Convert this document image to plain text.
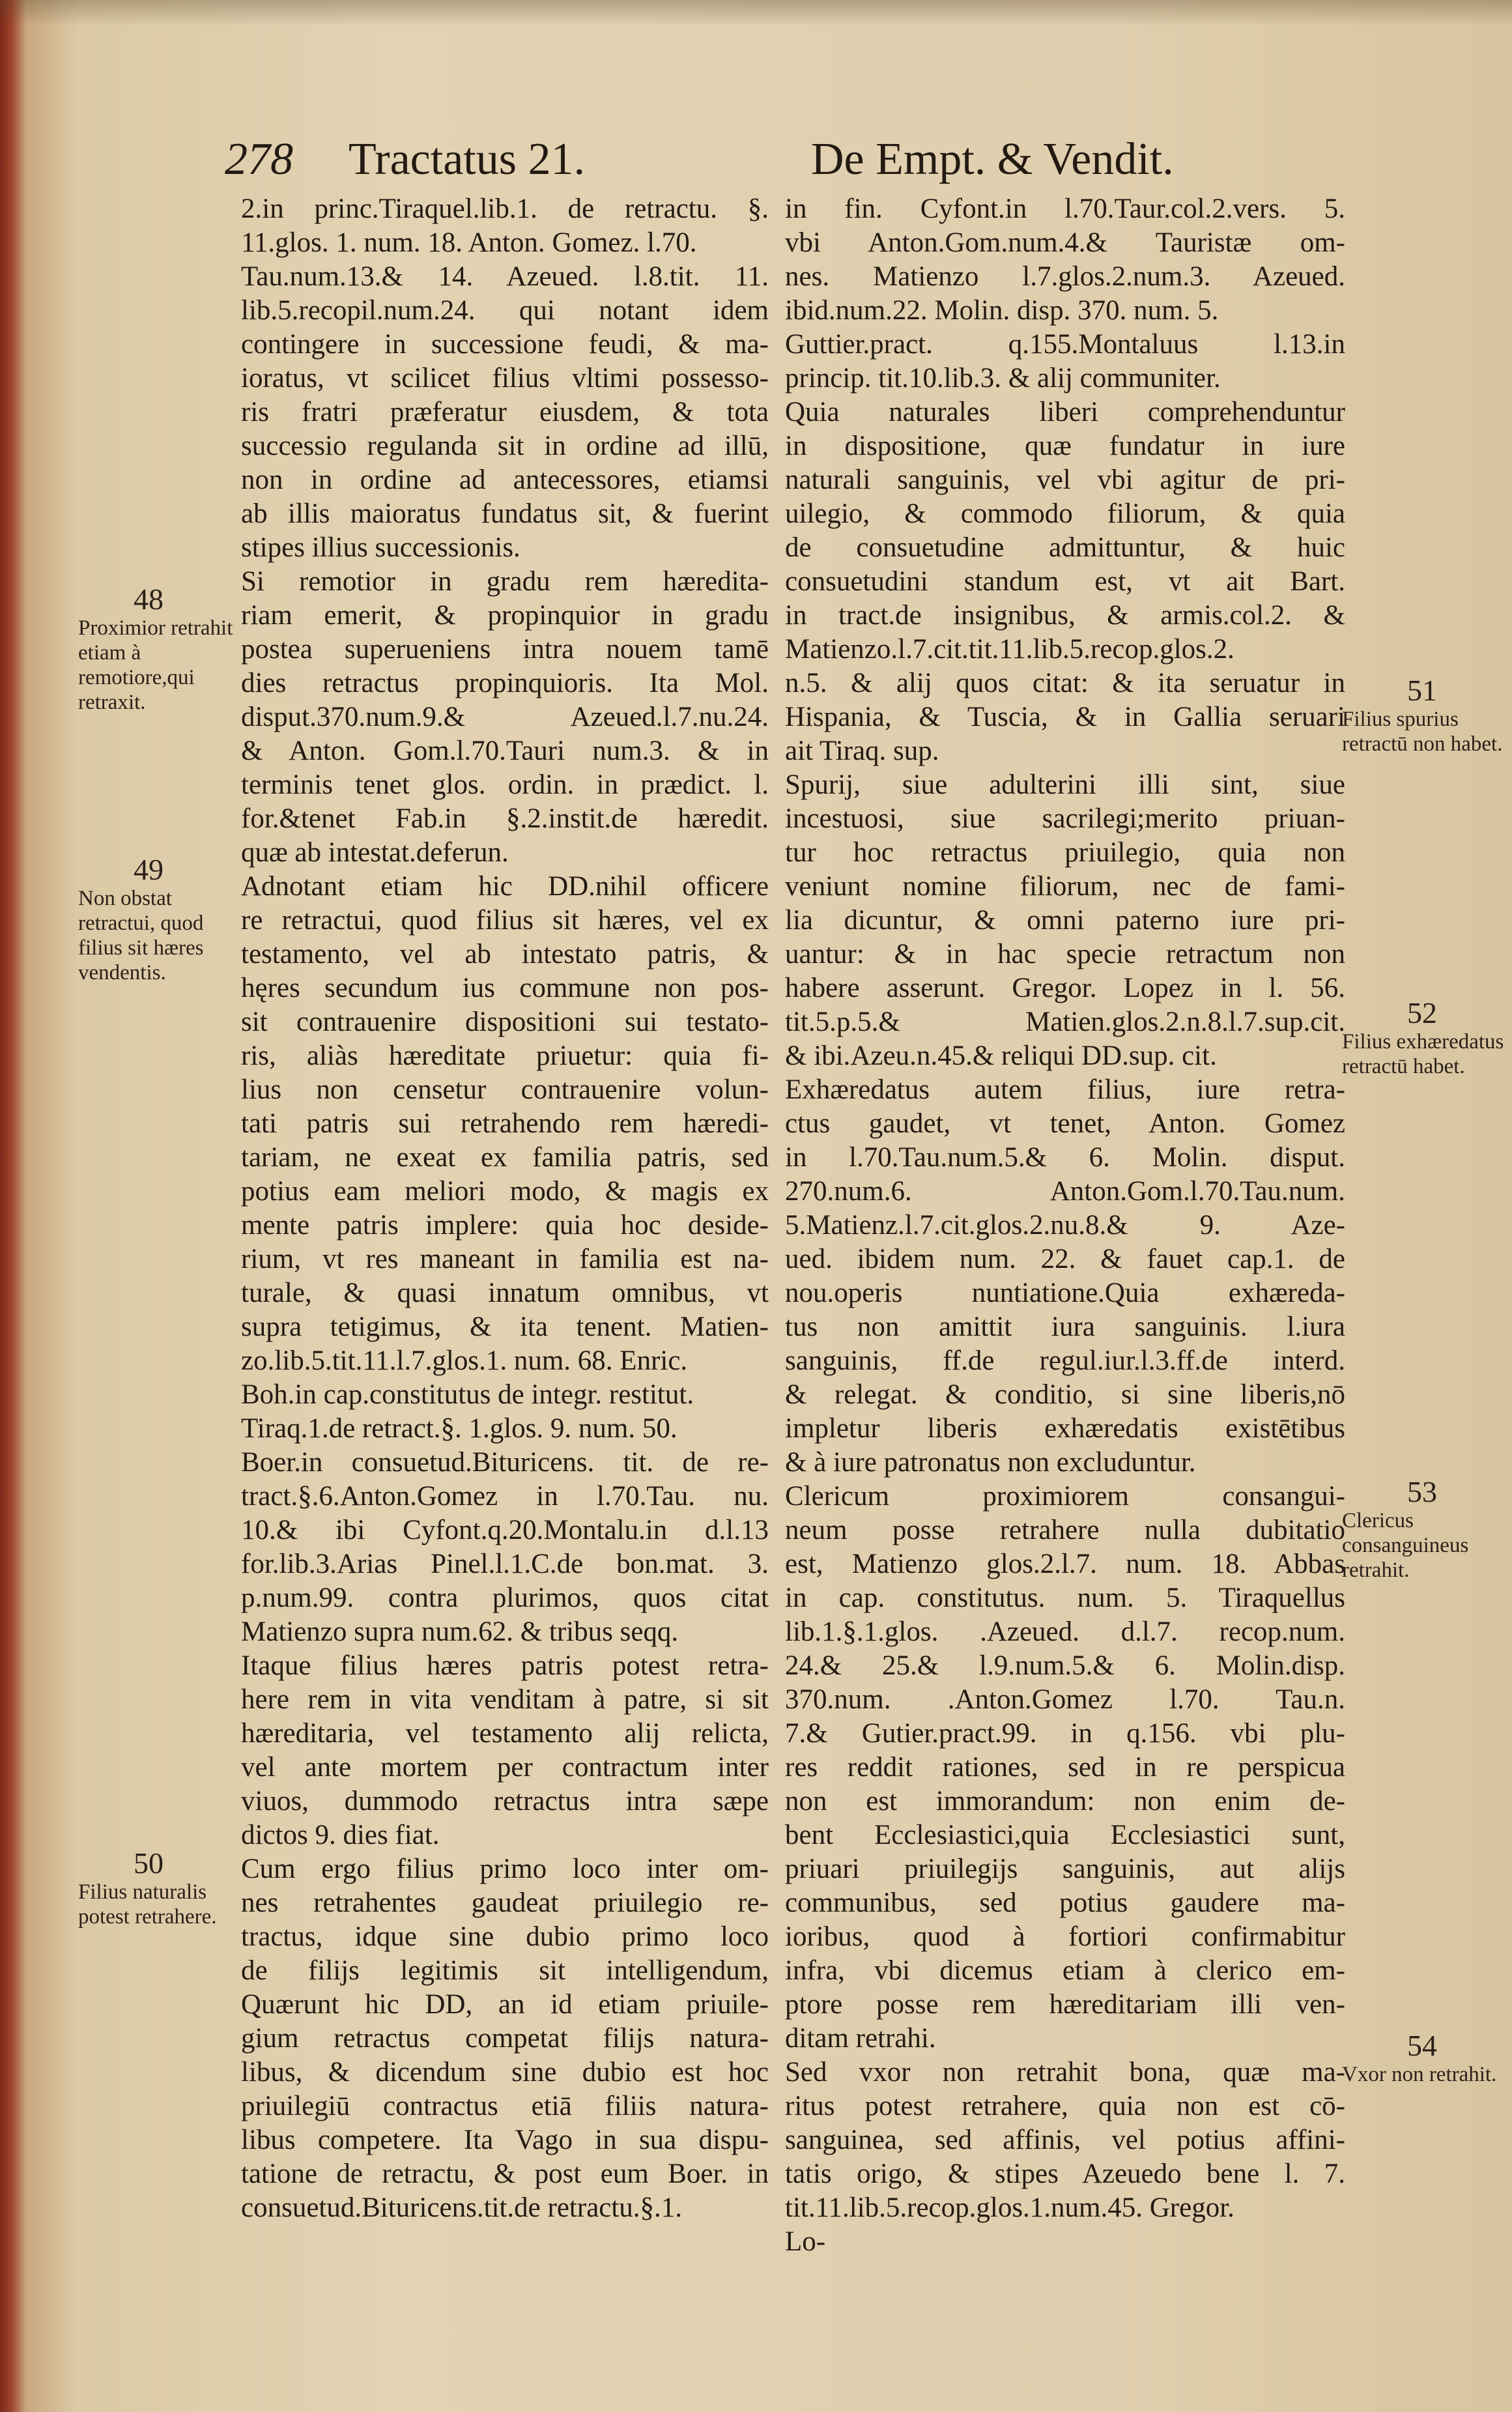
278 Tractatus 21.	De Empt. & Vendit.
2.in princ.Tiraquel.lib.1. de retractu. §.
11.glos. 1. num. 18. Anton. Gomez. l.70.
Tau.num.13.& 14. Azeued. l.8.tit. 11.
lib.5.recopil.num.24. qui notant idem
contingere in successione feudi, & ma-
ioratus, vt scilicet filius vltimi possesso-
ris fratri præferatur eiusdem, & tota
successio regulanda sit in ordine ad illū,
non in ordine ad antecessores, etiamsi
ab illis maioratus fundatus sit, & fuerint
stipes illius successionis.
Si remotior in gradu rem hæredita-
riam emerit, & propinquior in gradu
postea superueniens intra nouem tamē
dies retractus propinquioris. Ita Mol.
disput.370.num.9.& Azeued.l.7.nu.24.
& Anton. Gom.l.70.Tauri num.3. & in
terminis tenet glos. ordin. in prædict. l.
for.&tenet Fab.in §.2.instit.de hæredit.
quæ ab intestat.deferun.
Adnotant etiam hic DD.nihil officere
re retractui, quod filius sit hæres, vel ex
testamento, vel ab intestato patris, &
hęres secundum ius commune non pos-
sit contrauenire dispositioni sui testato-
ris, aliàs hæreditate priuetur: quia fi-
lius non censetur contrauenire volun-
tati patris sui retrahendo rem hæredi-
tariam, ne exeat ex familia patris, sed
potius eam meliori modo, & magis ex
mente patris implere: quia hoc deside-
rium, vt res maneant in familia est na-
turale, & quasi innatum omnibus, vt
supra tetigimus, & ita tenent. Matien-
zo.lib.5.tit.11.l.7.glos.1. num. 68. Enric.
Boh.in cap.constitutus de integr. restitut.
Tiraq.1.de retract.§. 1.glos. 9. num. 50.
Boer.in consuetud.Bituricens. tit. de re-
tract.§.6.Anton.Gomez in l.70.Tau. nu.
10.& ibi Cyfont.q.20.Montalu.in d.l.13
for.lib.3.Arias Pinel.l.1.C.de bon.mat. 3.
p.num.99. contra plurimos, quos citat
Matienzo supra num.62. & tribus seqq.
Itaque filius hæres patris potest retra-
here rem in vita venditam à patre, si sit
hæreditaria, vel testamento alij relicta,
vel ante mortem per contractum inter
viuos, dummodo retractus intra sæpe
dictos 9. dies fiat.
Cum ergo filius primo loco inter om-
nes retrahentes gaudeat priuilegio re-
tractus, idque sine dubio primo loco
de filijs legitimis sit intelligendum,
Quærunt hic DD, an id etiam priuile-
gium retractus competat filijs natura-
libus, & dicendum sine dubio est hoc
priuilegiū contractus etiā filiis natura-
libus competere. Ita Vago in sua dispu-
tatione de retractu, & post eum Boer. in
consuetud.Bituricens.tit.de retractu.§.1.
in fin. Cyfont.in l.70.Taur.col.2.vers. 5.
vbi Anton.Gom.num.4.& Tauristæ om-
nes. Matienzo l.7.glos.2.num.3. Azeued.
ibid.num.22. Molin. disp. 370. num. 5.
Guttier.pract. q.155.Montaluus l.13.in
princip. tit.10.lib.3. & alij communiter.
Quia naturales liberi comprehenduntur
in dispositione, quæ fundatur in iure
naturali sanguinis, vel vbi agitur de pri-
uilegio, & commodo filiorum, & quia
de consuetudine admittuntur, & huic
consuetudini standum est, vt ait Bart.
in tract.de insignibus, & armis.col.2. &
Matienzo.l.7.cit.tit.11.lib.5.recop.glos.2.
n.5. & alij quos citat: & ita seruatur in
Hispania, & Tuscia, & in Gallia seruari
ait Tiraq. sup.
Spurij, siue adulterini illi sint, siue
incestuosi, siue sacrilegi;merito priuan-
tur hoc retractus priuilegio, quia non
veniunt nomine filiorum, nec de fami-
lia dicuntur, & omni paterno iure pri-
uantur: & in hac specie retractum non
habere asserunt. Gregor. Lopez in l. 56.
tit.5.p.5.& Matien.glos.2.n.8.l.7.sup.cit.
& ibi.Azeu.n.45.& reliqui DD.sup. cit.
Exhæredatus autem filius, iure retra-
ctus gaudet, vt tenet, Anton. Gomez
in l.70.Tau.num.5.& 6. Molin. disput.
270.num.6. Anton.Gom.l.70.Tau.num.
5.Matienz.l.7.cit.glos.2.nu.8.& 9. Aze-
ued. ibidem num. 22. & fauet cap.1. de
nou.operis nuntiatione.Quia exhæreda-
tus non amittit iura sanguinis. l.iura
sanguinis, ff.de regul.iur.l.3.ff.de interd.
& relegat. & conditio, si sine liberis,nō
impletur liberis exhæredatis existētibus
& à iure patronatus non excluduntur.
Clericum proximiorem consangui-
neum posse retrahere nulla dubitatio
est, Matienzo glos.2.l.7. num. 18. Abbas
in cap. constitutus. num. 5. Tiraquellus
lib.1.§.1.glos. .Azeued. d.l.7. recop.num.
24.& 25.& l.9.num.5.& 6. Molin.disp.
370.num. .Anton.Gomez l.70. Tau.n.
7.& Gutier.pract.99. in q.156. vbi plu-
res reddit rationes, sed in re perspicua
non est immorandum: non enim de-
bent Ecclesiastici,quia Ecclesiastici sunt,
priuari priuilegijs sanguinis, aut alijs
communibus, sed potius gaudere ma-
ioribus, quod à fortiori confirmabitur
infra, vbi dicemus etiam à clerico em-
ptore posse rem hæreditariam illi ven-
ditam retrahi.
Sed vxor non retrahit bona, quæ ma-
ritus potest retrahere, quia non est cō-
sanguinea, sed affinis, vel potius affini-
tatis origo, & stipes Azeuedo bene l. 7.
tit.11.lib.5.recop.glos.1.num.45. Gregor.
Lo-
48
Proximior retrahit etiam à remotiore,qui retraxit.
49
Non obstat retractui, quod filius sit hæres vendentis.
50
Filius naturalis potest retrahere.
51
Filius spurius retractū non habet.
52
Filius exhæredatus retractū habet.
53
Clericus consanguineus retrahit.
54
Vxor non retrahit.
